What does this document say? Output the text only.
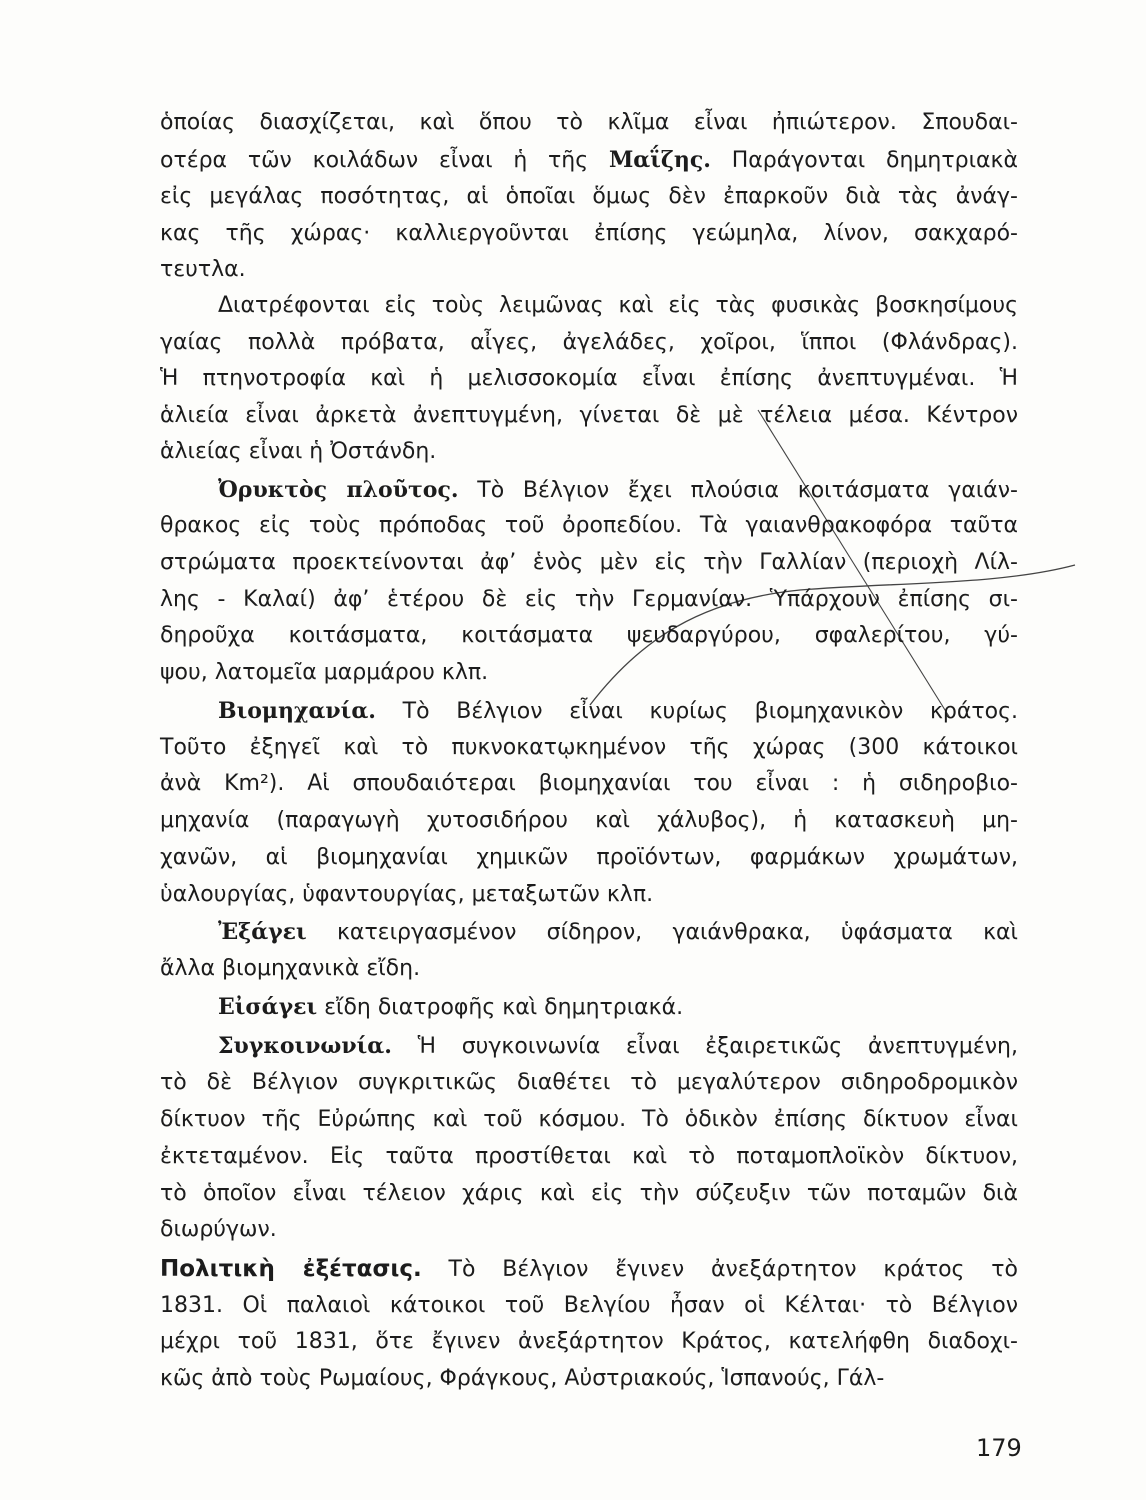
ὁποίας διασχίζεται, καὶ ὅπου τὸ κλῖμα εἶναι ἠπιώτερον. Σπουδαι-
οτέρα τῶν κοιλάδων εἶναι ἡ τῆς Μαΐζης. Παράγονται δημητριακὰ
εἰς μεγάλας ποσότητας, αἱ ὁποῖαι ὅμως δὲν ἐπαρκοῦν διὰ τὰς ἀνάγ-
κας τῆς χώρας· καλλιεργοῦνται ἐπίσης γεώμηλα, λίνον, σακχαρό-
τευτλα.
Διατρέφονται εἰς τοὺς λειμῶνας καὶ εἰς τὰς φυσικὰς βοσκησίμους
γαίας πολλὰ πρόβατα, αἶγες, ἀγελάδες, χοῖροι, ἵπποι (Φλάνδρας).
Ἡ πτηνοτροφία καὶ ἡ μελισσοκομία εἶναι ἐπίσης ἀνεπτυγμέναι. Ἡ
ἁλιεία εἶναι ἀρκετὰ ἀνεπτυγμένη, γίνεται δὲ μὲ τέλεια μέσα. Κέντρον
ἁλιείας εἶναι ἡ Ὀστάνδη.
Ὀρυκτὸς πλοῦτος. Τὸ Βέλγιον ἔχει πλούσια κοιτάσματα γαιάν-
θρακος εἰς τοὺς πρόποδας τοῦ ὀροπεδίου. Τὰ γαιανθρακοφόρα ταῦτα
στρώματα προεκτείνονται ἀφ’ ἑνὸς μὲν εἰς τὴν Γαλλίαν (περιοχὴ Λίλ-
λης - Καλαί) ἀφ’ ἑτέρου δὲ εἰς τὴν Γερμανίαν. Ὑπάρχουν ἐπίσης σι-
δηροῦχα κοιτάσματα, κοιτάσματα ψευδαργύρου, σφαλερίτου, γύ-
ψου, λατομεῖα μαρμάρου κλπ.
Βιομηχανία. Τὸ Βέλγιον εἶναι κυρίως βιομηχανικὸν κράτος.
Τοῦτο ἐξηγεῖ καὶ τὸ πυκνοκατῳκημένον τῆς χώρας (300 κάτοικοι
ἀνὰ Km²). Αἱ σπουδαιότεραι βιομηχανίαι του εἶναι : ἡ σιδηροβιο-
μηχανία (παραγωγὴ χυτοσιδήρου καὶ χάλυβος), ἡ κατασκευὴ μη-
χανῶν, αἱ βιομηχανίαι χημικῶν προϊόντων, φαρμάκων χρωμάτων,
ὑαλουργίας, ὑφαντουργίας, μεταξωτῶν κλπ.
Ἐξάγει κατειργασμένον σίδηρον, γαιάνθρακα, ὑφάσματα καὶ
ἄλλα βιομηχανικὰ εἴδη.
Εἰσάγει εἴδη διατροφῆς καὶ δημητριακά.
Συγκοινωνία. Ἡ συγκοινωνία εἶναι ἐξαιρετικῶς ἀνεπτυγμένη,
τὸ δὲ Βέλγιον συγκριτικῶς διαθέτει τὸ μεγαλύτερον σιδηροδρομικὸν
δίκτυον τῆς Εὐρώπης καὶ τοῦ κόσμου. Τὸ ὁδικὸν ἐπίσης δίκτυον εἶναι
ἐκτεταμένον. Εἰς ταῦτα προστίθεται καὶ τὸ ποταμοπλοϊκὸν δίκτυον,
τὸ ὁποῖον εἶναι τέλειον χάρις καὶ εἰς τὴν σύζευξιν τῶν ποταμῶν διὰ
διωρύγων.
Πολιτικὴ ἐξέτασις. Τὸ Βέλγιον ἔγινεν ἀνεξάρτητον κράτος τὸ
1831. Οἱ παλαιοὶ κάτοικοι τοῦ Βελγίου ἦσαν οἱ Κέλται· τὸ Βέλγιον
μέχρι τοῦ 1831, ὅτε ἔγινεν ἀνεξάρτητον Κράτος, κατελήφθη διαδοχι-
κῶς ἀπὸ τοὺς Ρωμαίους, Φράγκους, Αὐστριακούς, Ἱσπανούς, Γάλ-
179
